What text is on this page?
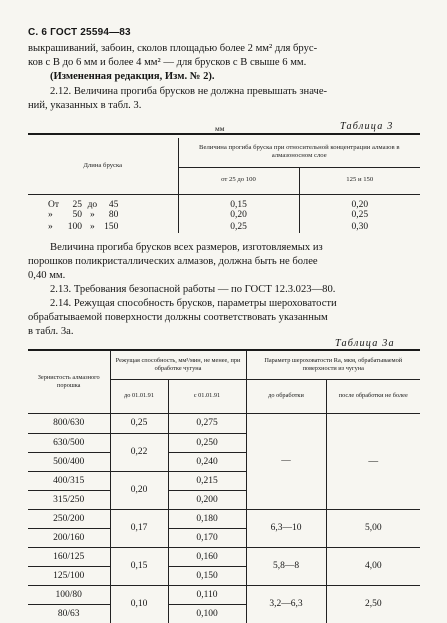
С. 6 ГОСТ 25594—83
выкрашиваний, забоин, сколов площадью более 2 мм² для брус-
ков с B до 6 мм и более 4 мм² — для брусков с B свыше 6 мм.
(Измененная редакция, Изм. № 2).
2.12. Величина прогиба брусков не должна превышать значе-
ний, указанных в табл. 3.
Таблица 3
мм
Длина бруска	Величина прогиба бруска при относительной концентрации алмазов в алмазоносном слое	
	от 25 до 100	125 и 150
От 25 до 45	0,15	0,20
» 50 » 80	0,20	0,25
» 100 » 150	0,25	0,30
Величина прогиба брусков всех размеров, изготовляемых из
порошков поликристаллических алмазов, должна быть не более
0,40 мм.
2.13. Требования безопасной работы — по ГОСТ 12.3.023—80.
2.14. Режущая способность брусков, параметры шероховатости
обрабатываемой поверхности должны соответствовать указанным
в табл. 3а.
Таблица 3а
Зернистость алмазного порошка	Режущая способность, мм³/мин, не менее, при обработке чугуна		Параметр шероховатости Ra, мкм, обрабатываемой поверхности из чугуна	
	до 01.01.91	с 01.01.91	до обработки	после обработки не более
800/630	0,25	0,275	—	—
630/500	0,22	0,250		
500/400		0,240		
400/315	0,20	0,215		
315/250		0,200		
250/200	0,17	0,180	6,3—10	5,00
200/160		0,170		
160/125	0,15	0,160	5,8—8	4,00
125/100		0,150		
100/80	0,10	0,110	3,2—6,3	2,50
80/63		0,100		
